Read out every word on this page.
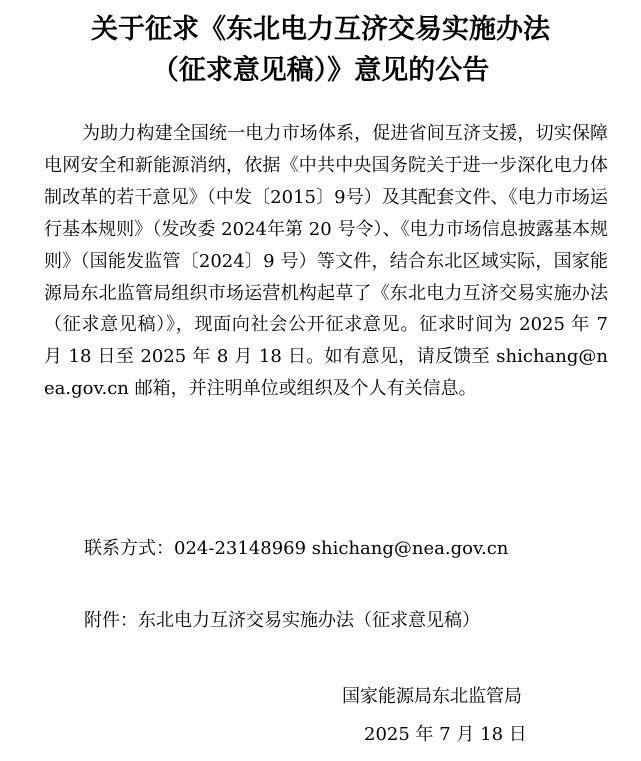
关于征求《东北电力互济交易实施办法
（征求意见稿）》意见的公告
为助力构建全国统一电力市场体系，促进省间互济支援，切实保障电网安全和新能源消纳，依据《中共中央国务院关于进一步深化电力体制改革的若干意见》（中发〔2015〕9号）及其配套文件、《电力市场运行基本规则》（发改委 2024年第 20 号令）、《电力市场信息披露基本规则》（国能发监管〔2024〕9 号）等文件，结合东北区域实际，国家能源局东北监管局组织市场运营机构起草了《东北电力互济交易实施办法（征求意见稿）》，现面向社会公开征求意见。征求时间为 2025 年 7 月 18 日至 2025 年 8 月 18 日。如有意见，请反馈至 shichang@nea.gov.cn 邮箱，并注明单位或组织及个人有关信息。
联系方式：024-23148969 shichang@nea.gov.cn
附件：东北电力互济交易实施办法（征求意见稿）
国家能源局东北监管局
2025 年 7 月 18 日
